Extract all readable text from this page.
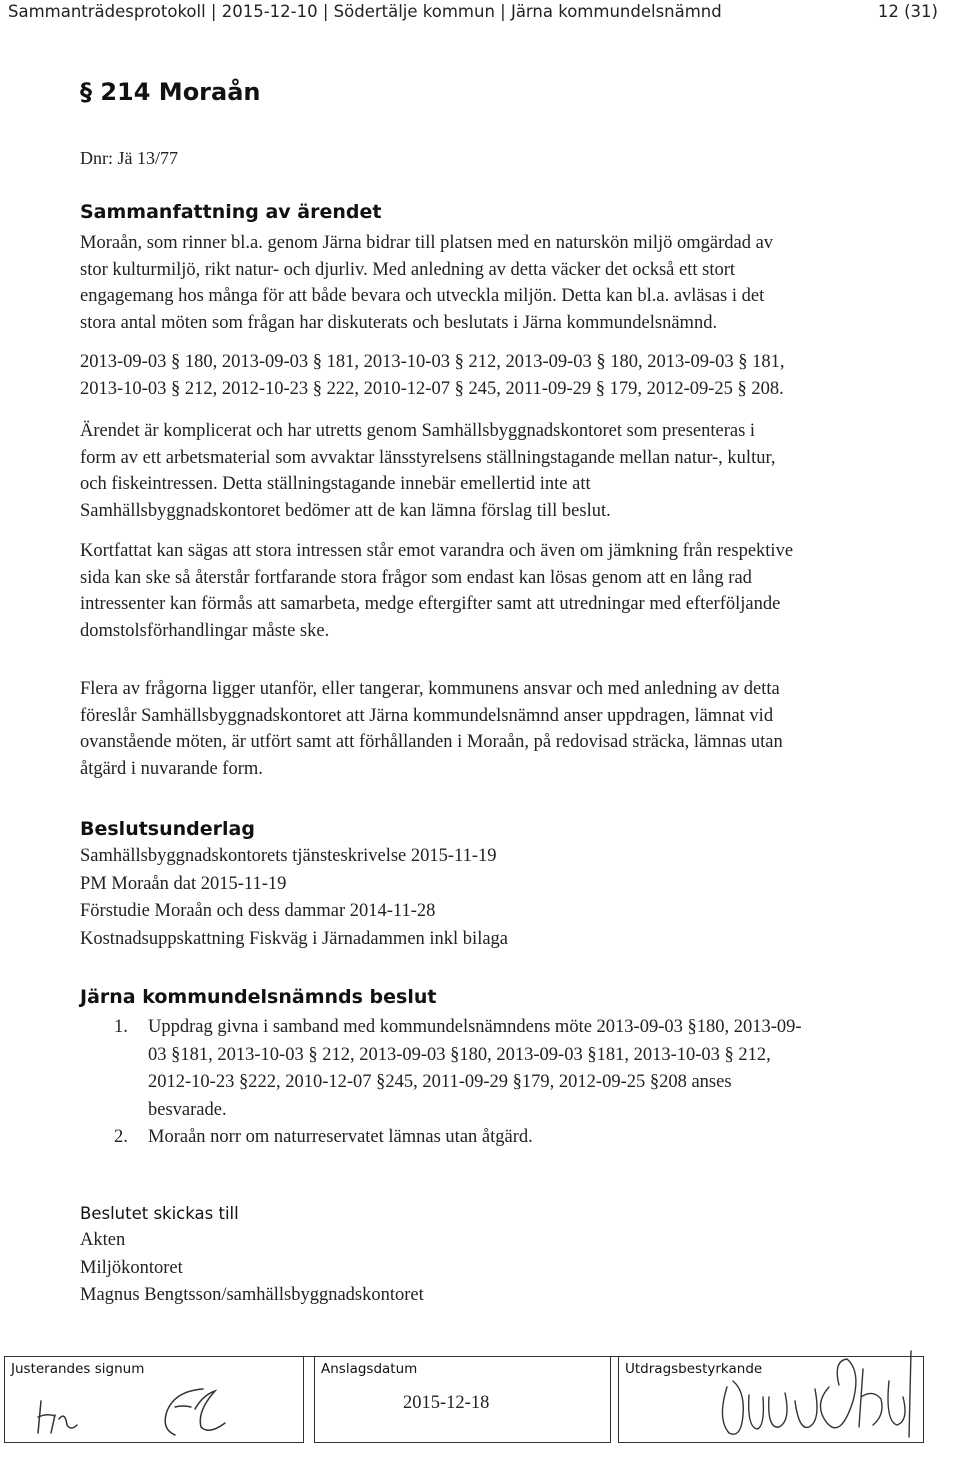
Sammanträdesprotokoll | 2015-12-10 | Södertälje kommun | Järna kommundelsnämnd	12 (31)
§ 214 Moraån
Dnr: Jä 13/77
Sammanfattning av ärendet
Moraån, som rinner bl.a. genom Järna bidrar till platsen med en naturskön miljö omgärdad av
stor kulturmiljö, rikt natur- och djurliv. Med anledning av detta väcker det också ett stort
engagemang hos många för att både bevara och utveckla miljön. Detta kan bl.a. avläsas i det
stora antal möten som frågan har diskuterats och beslutats i Järna kommundelsnämnd.
2013-09-03 § 180, 2013-09-03 § 181, 2013-10-03 § 212, 2013-09-03 § 180, 2013-09-03 § 181,
2013-10-03 § 212, 2012-10-23 § 222, 2010-12-07 § 245, 2011-09-29 § 179, 2012-09-25 § 208.
Ärendet är komplicerat och har utretts genom Samhällsbyggnadskontoret som presenteras i
form av ett arbetsmaterial som avvaktar länsstyrelsens ställningstagande mellan natur-, kultur,
och fiskeintressen. Detta ställningstagande innebär emellertid inte att
Samhällsbyggnadskontoret bedömer att de kan lämna förslag till beslut.
Kortfattat kan sägas att stora intressen står emot varandra och även om jämkning från respektive
sida kan ske så återstår fortfarande stora frågor som endast kan lösas genom att en lång rad
intressenter kan förmås att samarbeta, medge eftergifter samt att utredningar med efterföljande
domstolsförhandlingar måste ske.
Flera av frågorna ligger utanför, eller tangerar, kommunens ansvar och med anledning av detta
föreslår Samhällsbyggnadskontoret att Järna kommundelsnämnd anser uppdragen, lämnat vid
ovanstående möten, är utfört samt att förhållanden i Moraån, på redovisad sträcka, lämnas utan
åtgärd i nuvarande form.
Beslutsunderlag
Samhällsbyggnadskontorets tjänsteskrivelse 2015-11-19
PM Moraån dat 2015-11-19
Förstudie Moraån och dess dammar 2014-11-28
Kostnadsuppskattning Fiskväg i Järnadammen inkl bilaga
Järna kommundelsnämnds beslut
1. Uppdrag givna i samband med kommundelsnämndens möte 2013-09-03 §180, 2013-09-
03 §181, 2013-10-03 § 212, 2013-09-03 §180, 2013-09-03 §181, 2013-10-03 § 212,
2012-10-23 §222, 2010-12-07 §245, 2011-09-29 §179, 2012-09-25 §208 anses
besvarade.
2. Moraån norr om naturreservatet lämnas utan åtgärd.
Beslutet skickas till
Akten
Miljökontoret
Magnus Bengtsson/samhällsbyggnadskontoret
Justerandes signum	Anslagsdatum
2015-12-18
Utdragsbestyrkande
